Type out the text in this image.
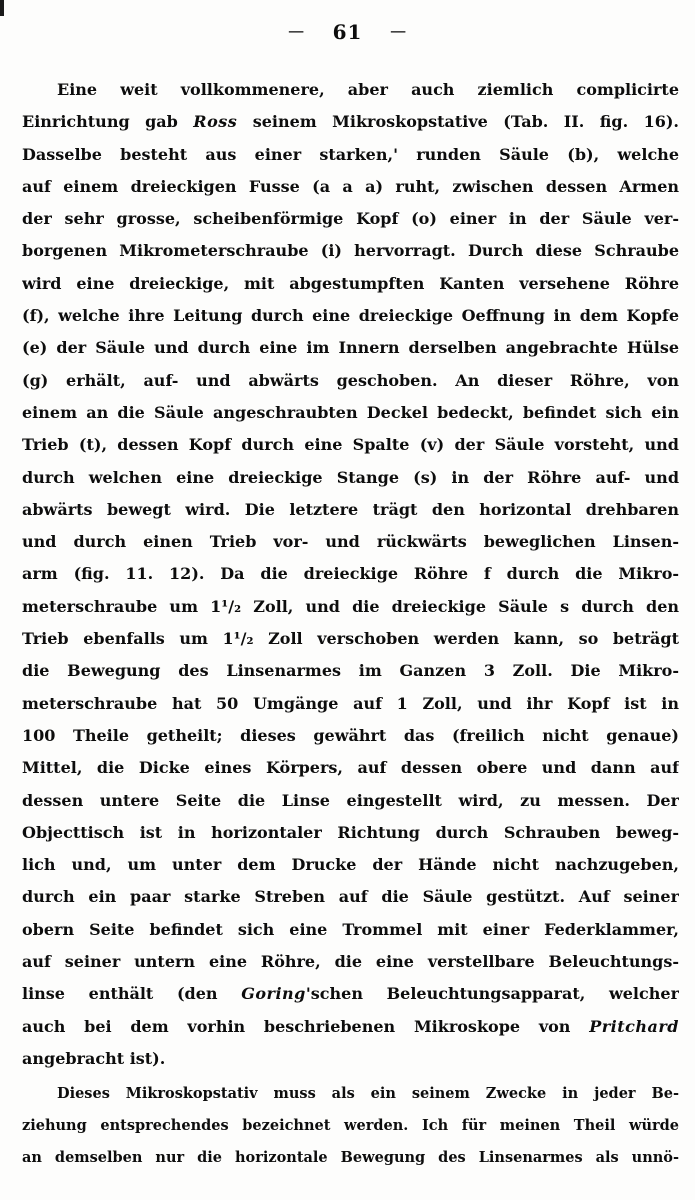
— 61 —
Eine weit vollkommenere, aber auch ziemlich complicirte
Einrichtung gab Ross seinem Mikroskopstative (Tab. II. fig. 16).
Dasselbe besteht aus einer starken,' runden Säule (b), welche
auf einem dreieckigen Fusse (a a a) ruht, zwischen dessen Armen
der sehr grosse, scheibenförmige Kopf (o) einer in der Säule ver-
borgenen Mikrometerschraube (i) hervorragt. Durch diese Schraube
wird eine dreieckige, mit abgestumpften Kanten versehene Röhre
(f), welche ihre Leitung durch eine dreieckige Oeffnung in dem Kopfe
(e) der Säule und durch eine im Innern derselben angebrachte Hülse
(g) erhält, auf- und abwärts geschoben. An dieser Röhre, von
einem an die Säule angeschraubten Deckel bedeckt, befindet sich ein
Trieb (t), dessen Kopf durch eine Spalte (v) der Säule vorsteht, und
durch welchen eine dreieckige Stange (s) in der Röhre auf- und
abwärts bewegt wird. Die letztere trägt den horizontal drehbaren
und durch einen Trieb vor- und rückwärts beweglichen Linsen-
arm (fig. 11. 12). Da die dreieckige Röhre f durch die Mikro-
meterschraube um 1¹/₂ Zoll, und die dreieckige Säule s durch den
Trieb ebenfalls um 1¹/₂ Zoll verschoben werden kann, so beträgt
die Bewegung des Linsenarmes im Ganzen 3 Zoll. Die Mikro-
meterschraube hat 50 Umgänge auf 1 Zoll, und ihr Kopf ist in
100 Theile getheilt; dieses gewährt das (freilich nicht genaue)
Mittel, die Dicke eines Körpers, auf dessen obere und dann auf
dessen untere Seite die Linse eingestellt wird, zu messen. Der
Objecttisch ist in horizontaler Richtung durch Schrauben beweg-
lich und, um unter dem Drucke der Hände nicht nachzugeben,
durch ein paar starke Streben auf die Säule gestützt. Auf seiner
obern Seite befindet sich eine Trommel mit einer Federklammer,
auf seiner untern eine Röhre, die eine verstellbare Beleuchtungs-
linse enthält (den Goring'schen Beleuchtungsapparat, welcher
auch bei dem vorhin beschriebenen Mikroskope von Pritchard
angebracht ist).
Dieses Mikroskopstativ muss als ein seinem Zwecke in jeder Be-
ziehung entsprechendes bezeichnet werden. Ich für meinen Theil würde
an demselben nur die horizontale Bewegung des Linsenarmes als unnö-
